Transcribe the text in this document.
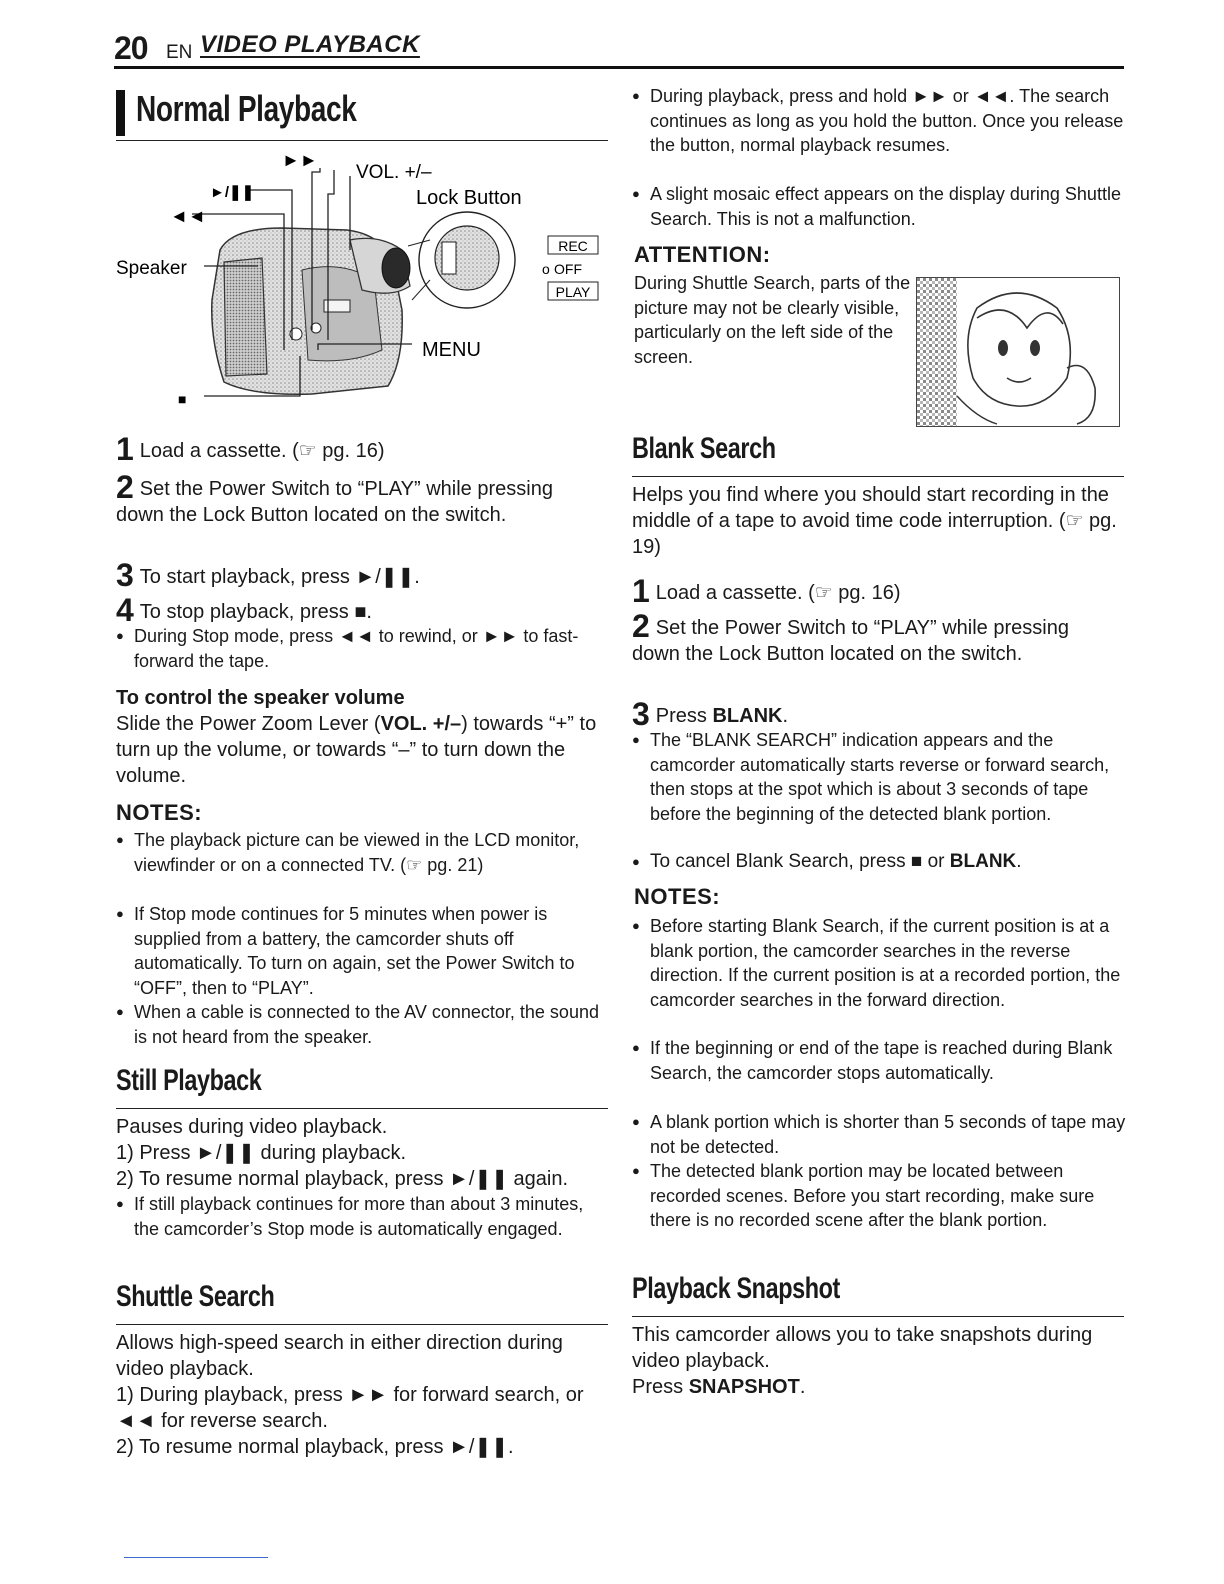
20 EN VIDEO PLAYBACK
Normal Playback
REC
o OFF
PLAY
►►
VOL. +/–
Lock Button
►/❚❚
◄◄
Speaker
MENU
■
1 Load a cassette. (☞ pg. 16)
2 Set the Power Switch to “PLAY” while pressing down the Lock Button located on the switch.
3 To start playback, press ►/❚❚.
4 To stop playback, press ■.
● During Stop mode, press ◄◄ to rewind, or ►► to fast-forward the tape.
To control the speaker volume
Slide the Power Zoom Lever (VOL. +/–) towards “+” to turn up the volume, or towards “–” to turn down the volume.
NOTES:
● The playback picture can be viewed in the LCD monitor, viewfinder or on a connected TV. (☞ pg. 21)
● If Stop mode continues for 5 minutes when power is supplied from a battery, the camcorder shuts off automatically. To turn on again, set the Power Switch to “OFF”, then to “PLAY”.
● When a cable is connected to the AV connector, the sound is not heard from the speaker.
Still Playback
Pauses during video playback.
1) Press ►/❚❚ during playback.
2) To resume normal playback, press ►/❚❚ again.
● If still playback continues for more than about 3 minutes, the camcorder’s Stop mode is automatically engaged.
Shuttle Search
Allows high-speed search in either direction during video playback.
1) During playback, press ►► for forward search, or ◄◄ for reverse search.
2) To resume normal playback, press ►/❚❚.
● During playback, press and hold ►► or ◄◄. The search continues as long as you hold the button. Once you release the button, normal playback resumes.
● A slight mosaic effect appears on the display during Shuttle Search. This is not a malfunction.
ATTENTION:
During Shuttle Search, parts of the picture may not be clearly visible, particularly on the left side of the screen.
Blank Search
Helps you find where you should start recording in the middle of a tape to avoid time code interruption. (☞ pg. 19)
1 Load a cassette. (☞ pg. 16)
2 Set the Power Switch to “PLAY” while pressing down the Lock Button located on the switch.
3 Press BLANK.
● The “BLANK SEARCH” indication appears and the camcorder automatically starts reverse or forward search, then stops at the spot which is about 3 seconds of tape before the beginning of the detected blank portion.
● To cancel Blank Search, press ■ or BLANK.
NOTES:
● Before starting Blank Search, if the current position is at a blank portion, the camcorder searches in the reverse direction. If the current position is at a recorded portion, the camcorder searches in the forward direction.
● If the beginning or end of the tape is reached during Blank Search, the camcorder stops automatically.
● A blank portion which is shorter than 5 seconds of tape may not be detected.
● The detected blank portion may be located between recorded scenes. Before you start recording, make sure there is no recorded scene after the blank portion.
Playback Snapshot
This camcorder allows you to take snapshots during video playback.
Press SNAPSHOT.
